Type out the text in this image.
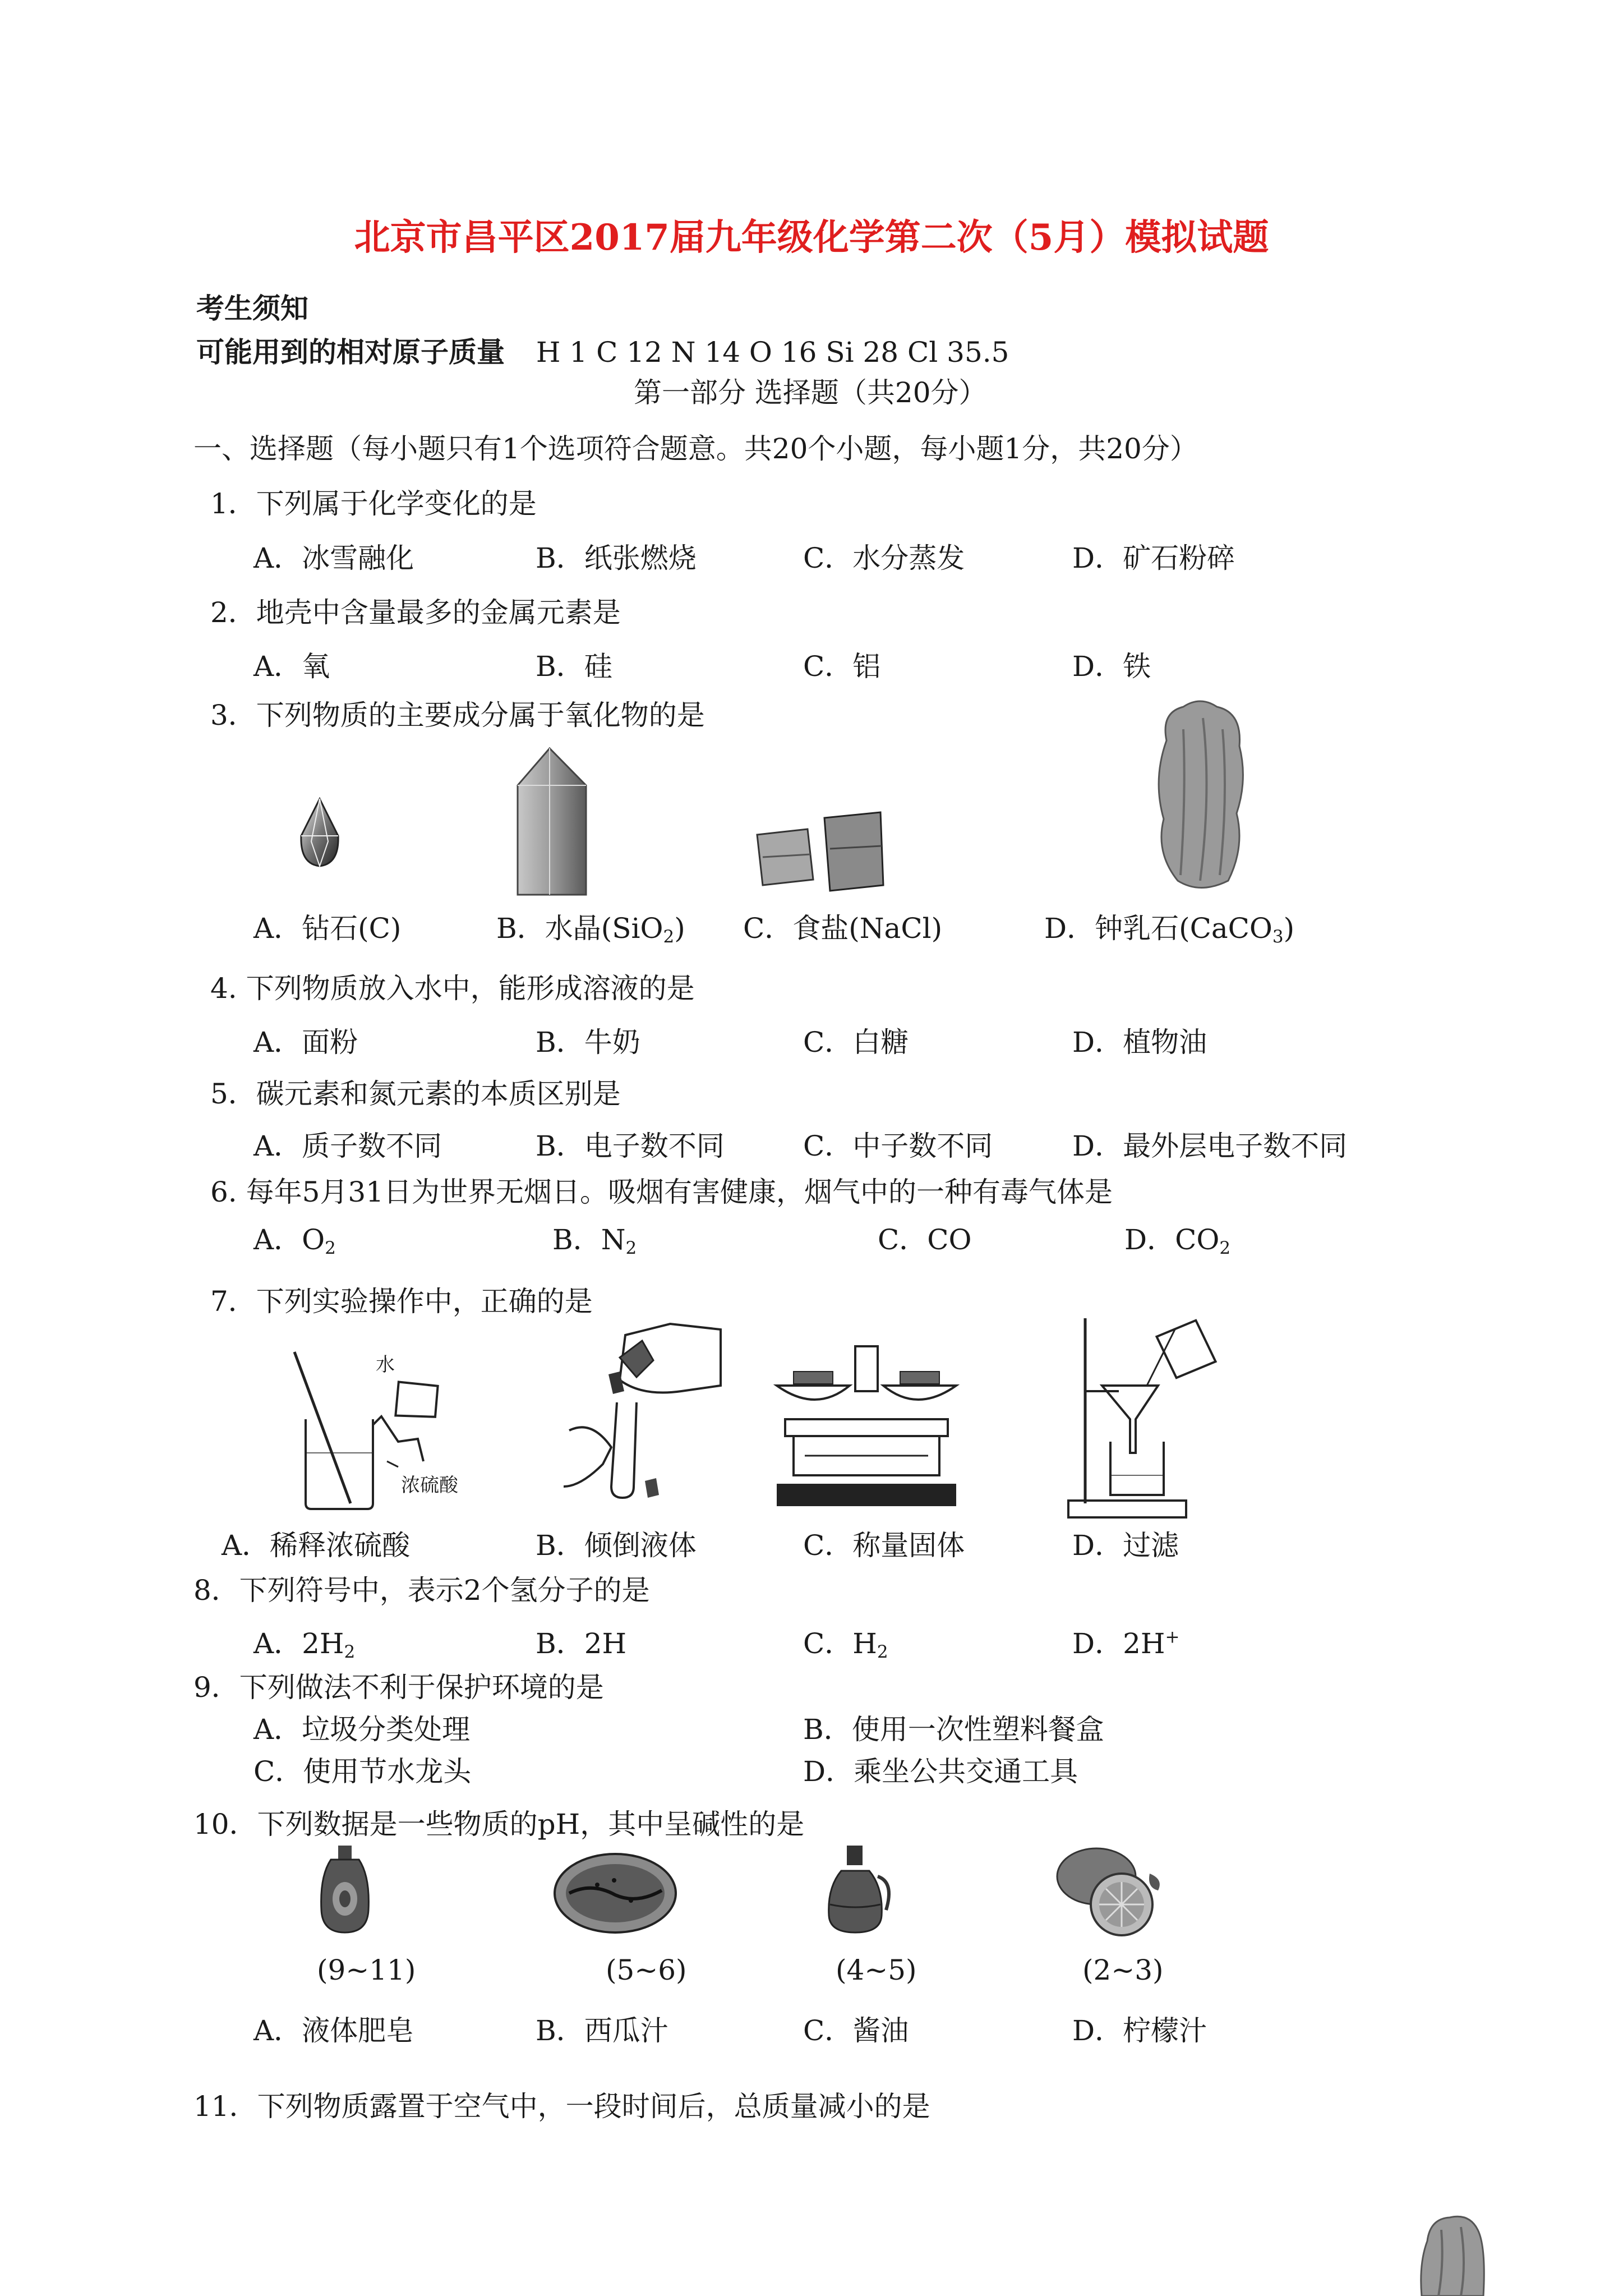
北京市昌平区2017届九年级化学第二次（5月）模拟试题
考生须知
可能用到的相对原子质量 H 1 C 12 N 14 O 16 Si 28 Cl 35.5
第一部分 选择题（共20分）
一、选择题（每小题只有1个选项符合题意。共20个小题，每小题1分，共20分）
1．下列属于化学变化的是
A．冰雪融化	B．纸张燃烧	C．水分蒸发	D．矿石粉碎
2．地壳中含量最多的金属元素是
A．氧	B．硅	C．铝	D．铁
3．下列物质的主要成分属于氧化物的是
A．钻石(C)	B．水晶(SiO$_2$) C．食盐(NaCl)	D．钟乳石(CaCO$_3$)
4. 下列物质放入水中，能形成溶液的是
A．面粉	B．牛奶	C．白糖	D．植物油
5．碳元素和氮元素的本质区别是
A．质子数不同	B．电子数不同	C．中子数不同	D．最外层电子数不同
6. 每年5月31日为世界无烟日。吸烟有害健康，烟气中的一种有毒气体是
A．$O_2$	B．$N_2$	C．CO	D．$CO_2$
7．下列实验操作中，正确的是
水
浓硫酸
A．稀释浓硫酸	B．倾倒液体	C．称量固体	D．过滤
8．下列符号中，表示2个氢分子的是
A．$2H_2$	B．2H	C．$H_2$	D．2H+
9．下列做法不利于保护环境的是
A．垃圾分类处理	B．使用一次性塑料餐盒
C．使用节水龙头	D．乘坐公共交通工具
10．下列数据是一些物质的pH，其中呈碱性的是
(9~11)	(5~6)	(4~5)	(2~3)
A．液体肥皂	B．西瓜汁	C．酱油	D．柠檬汁
11．下列物质露置于空气中，一段时间后，总质量减小的是
